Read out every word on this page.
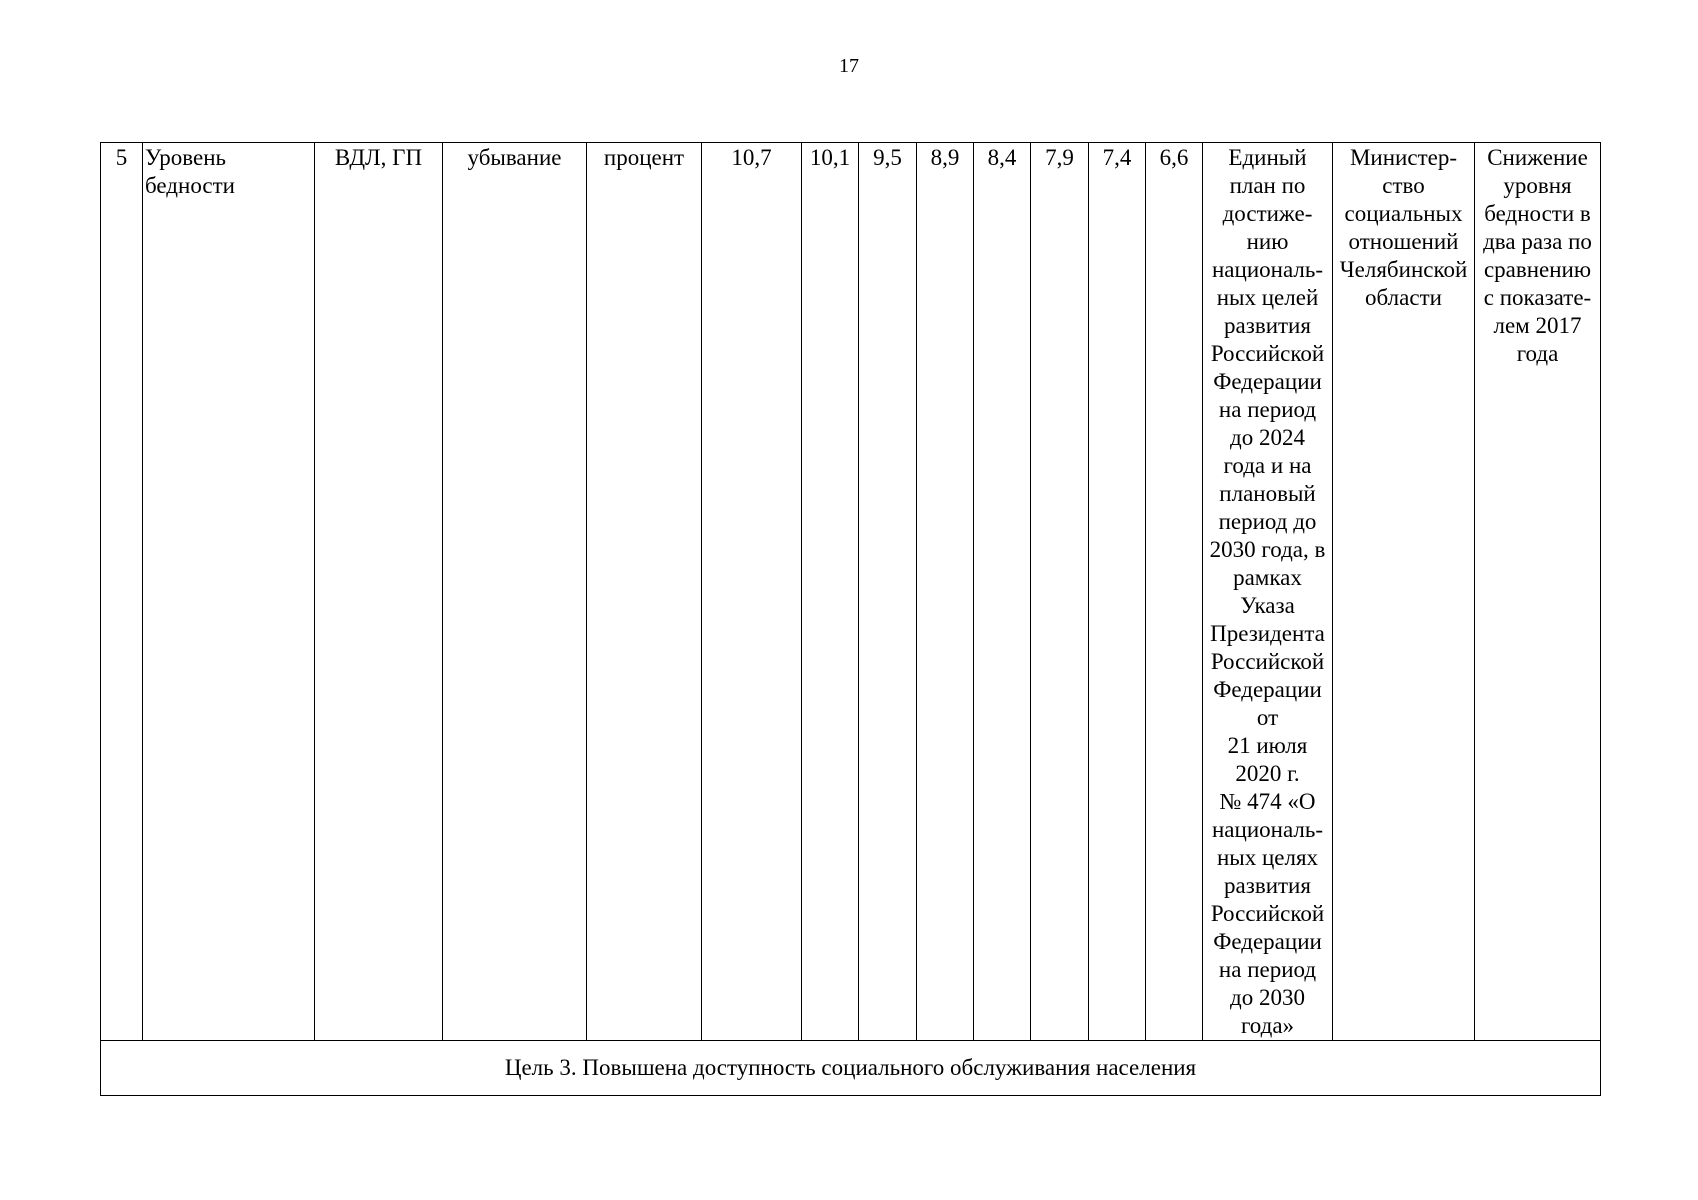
17
5	Уровень
бедности	ВДЛ, ГП	убывание	процент	10,7	10,1	9,5	8,9	8,4	7,9	7,4	6,6	Единый
план по
достиже-
нию
националь-
ных целей
развития
Российской
Федерации
на период
до 2024
года и на
плановый
период до
2030 года, в
рамках
Указа
Президента
Российской
Федерации
от
21 июля
2020 г.
№ 474 «О
националь-
ных целях
развития
Российской
Федерации
на период
до 2030
года»	Министер-
ство
социальных
отношений
Челябинской
области	Снижение
уровня
бедности в
два раза по
сравнению
с показате-
лем 2017
года
Цель 3. Повышена доступность социального обслуживания населения
